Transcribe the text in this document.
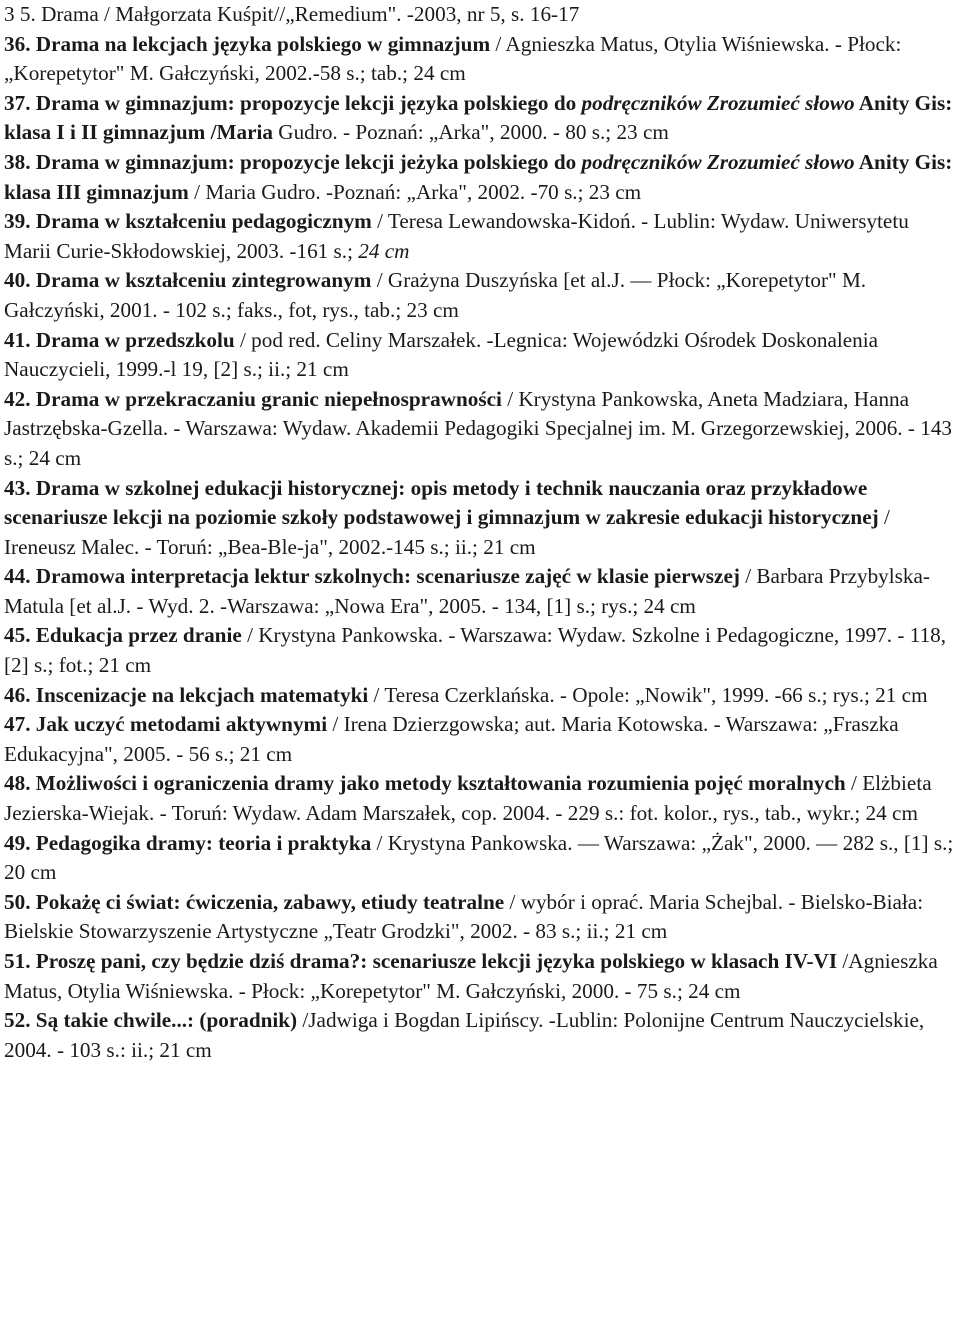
3 5. Drama / Małgorzata Kuśpit//„Remedium". -2003, nr 5, s. 16-17

36. Drama na lekcjach języka polskiego w gimnazjum / Agnieszka Matus, Otylia Wiśniewska. - Płock: „Korepetytor" M. Gałczyński, 2002.-58 s.; tab.; 24 cm

37. Drama w gimnazjum: propozycje lekcji języka polskiego do podręczników Zrozumieć słowo Anity Gis: klasa I i II gimnazjum /Maria Gudro. - Poznań: „Arka", 2000. - 80 s.; 23 cm

38. Drama w gimnazjum: propozycje lekcji jeżyka polskiego do podręczników Zrozumieć słowo Anity Gis: klasa III gimnazjum / Maria Gudro. -Poznań: „Arka", 2002. -70 s.; 23 cm

39. Drama w kształceniu pedagogicznym / Teresa Lewandowska-Kidoń. - Lublin: Wydaw. Uniwersytetu Marii Curie-Skłodowskiej, 2003. -161 s.; 24 cm

40. Drama w kształceniu zintegrowanym / Grażyna Duszyńska [et al.J. — Płock: „Korepetytor" M. Gałczyński, 2001. - 102 s.; faks., fot, rys., tab.; 23 cm

41. Drama w przedszkolu / pod red. Celiny Marszałek. -Legnica: Wojewódzki Ośrodek Doskonalenia Nauczycieli, 1999.-l 19, [2] s.; ii.; 21 cm

42. Drama w przekraczaniu granic niepełnosprawności / Krystyna Pankowska, Aneta Madziara, Hanna Jastrzębska-Gzella. - Warszawa: Wydaw. Akademii Pedagogiki Specjalnej im. M. Grzegorzewskiej, 2006. - 143 s.; 24 cm

43. Drama w szkolnej edukacji historycznej: opis metody i technik nauczania oraz przykładowe scenariusze lekcji na poziomie szkoły podstawowej i gimnazjum w zakresie edukacji historycznej / Ireneusz Malec. - Toruń: „Bea-Ble-ja", 2002.-145 s.; ii.; 21 cm

44. Dramowa interpretacja lektur szkolnych: scenariusze zajęć w klasie pierwszej / Barbara Przybylska-Matula [et al.J. - Wyd. 2. -Warszawa: „Nowa Era", 2005. - 134, [1] s.; rys.; 24 cm

45. Edukacja przez dranie / Krystyna Pankowska. - Warszawa: Wydaw. Szkolne i Pedagogiczne, 1997. - 118, [2] s.; fot.; 21 cm

46. Inscenizacje na lekcjach matematyki / Teresa Czerklańska. - Opole: „Nowik", 1999. -66 s.; rys.; 21 cm

47. Jak uczyć metodami aktywnymi / Irena Dzierzgowska; aut. Maria Kotowska. - Warszawa: „Fraszka Edukacyjna", 2005. - 56 s.; 21 cm

48. Możliwości i ograniczenia dramy jako metody kształtowania rozumienia pojęć moralnych / Elżbieta Jezierska-Wiejak. - Toruń: Wydaw. Adam Marszałek, cop. 2004. - 229 s.: fot. kolor., rys., tab., wykr.; 24 cm

49. Pedagogika dramy: teoria i praktyka / Krystyna Pankowska. — Warszawa: „Żak", 2000. — 282 s., [1] s.; 20 cm

50. Pokażę ci świat: ćwiczenia, zabawy, etiudy teatralne / wybór i oprać. Maria Schejbal. - Bielsko-Biała: Bielskie Stowarzyszenie Artystyczne „Teatr Grodzki", 2002. - 83 s.; ii.; 21 cm

51. Proszę pani, czy będzie dziś drama?: scenariusze lekcji języka polskiego w klasach IV-VI /Agnieszka Matus, Otylia Wiśniewska. - Płock: „Korepetytor" M. Gałczyński, 2000. - 75 s.; 24 cm

52. Są takie chwile...: (poradnik) /Jadwiga i Bogdan Lipińscy. -Lublin: Polonijne Centrum Nauczycielskie, 2004. - 103 s.: ii.; 21 cm
